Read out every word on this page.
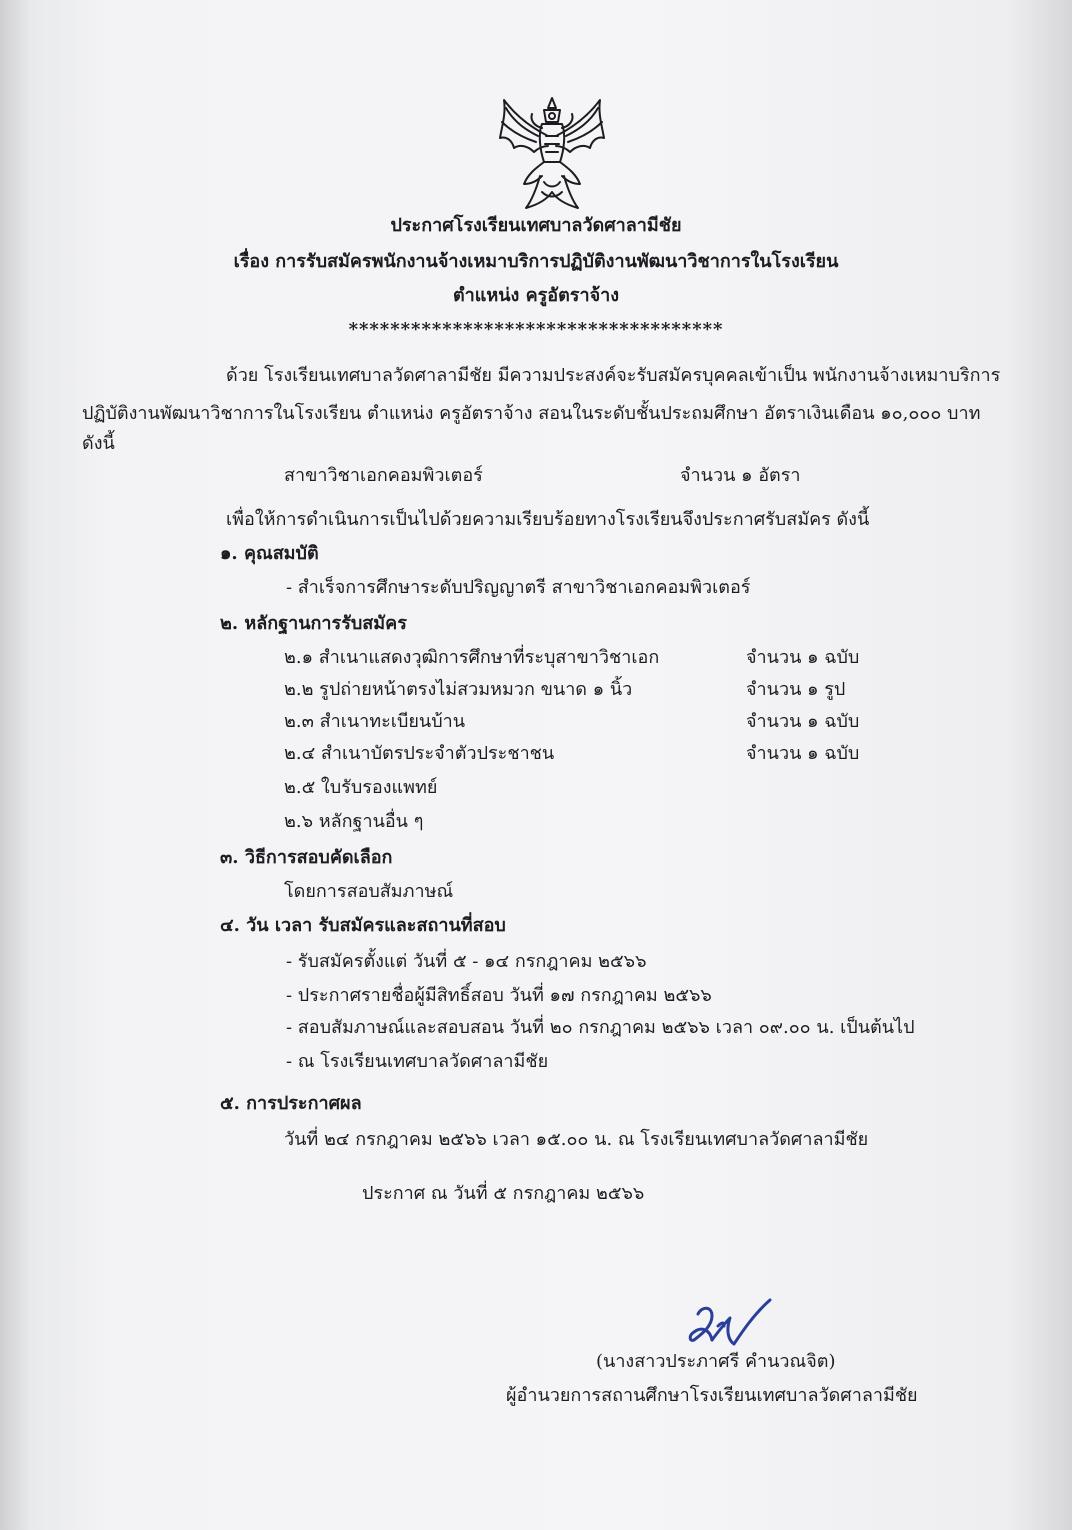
ประกาศโรงเรียนเทศบาลวัดศาลามีชัย
เรื่อง การรับสมัครพนักงานจ้างเหมาบริการปฏิบัติงานพัฒนาวิชาการในโรงเรียน
ตำแหน่ง ครูอัตราจ้าง
************************************
ด้วย โรงเรียนเทศบาลวัดศาลามีชัย มีความประสงค์จะรับสมัครบุคคลเข้าเป็น พนักงานจ้างเหมาบริการ
ปฏิบัติงานพัฒนาวิชาการในโรงเรียน ตำแหน่ง ครูอัตราจ้าง สอนในระดับชั้นประถมศึกษา อัตราเงินเดือน ๑๐,๐๐๐ บาท
ดังนี้
สาขาวิชาเอกคอมพิวเตอร์	จำนวน ๑ อัตรา
เพื่อให้การดำเนินการเป็นไปด้วยความเรียบร้อยทางโรงเรียนจึงประกาศรับสมัคร ดังนี้
๑. คุณสมบัติ
- สำเร็จการศึกษาระดับปริญญาตรี สาขาวิชาเอกคอมพิวเตอร์
๒. หลักฐานการรับสมัคร
๒.๑ สำเนาแสดงวุฒิการศึกษาที่ระบุสาขาวิชาเอก	จำนวน ๑ ฉบับ
๒.๒ รูปถ่ายหน้าตรงไม่สวมหมวก ขนาด ๑ นิ้ว	จำนวน ๑ รูป
๒.๓ สำเนาทะเบียนบ้าน	จำนวน ๑ ฉบับ
๒.๔ สำเนาบัตรประจำตัวประชาชน	จำนวน ๑ ฉบับ
๒.๕ ใบรับรองแพทย์
๒.๖ หลักฐานอื่น ๆ
๓. วิธีการสอบคัดเลือก
โดยการสอบสัมภาษณ์
๔. วัน เวลา รับสมัครและสถานที่สอบ
- รับสมัครตั้งแต่ วันที่ ๕ - ๑๔ กรกฎาคม ๒๕๖๖
- ประกาศรายชื่อผู้มีสิทธิ์สอบ วันที่ ๑๗ กรกฎาคม ๒๕๖๖
- สอบสัมภาษณ์และสอบสอน วันที่ ๒๐ กรกฎาคม ๒๕๖๖ เวลา ๐๙.๐๐ น. เป็นต้นไป
- ณ โรงเรียนเทศบาลวัดศาลามีชัย
๕. การประกาศผล
วันที่ ๒๔ กรกฎาคม ๒๕๖๖ เวลา ๑๕.๐๐ น. ณ โรงเรียนเทศบาลวัดศาลามีชัย
ประกาศ ณ วันที่ ๕ กรกฎาคม ๒๕๖๖
(นางสาวประภาศรี คำนวณจิต)
ผู้อำนวยการสถานศึกษาโรงเรียนเทศบาลวัดศาลามีชัย
